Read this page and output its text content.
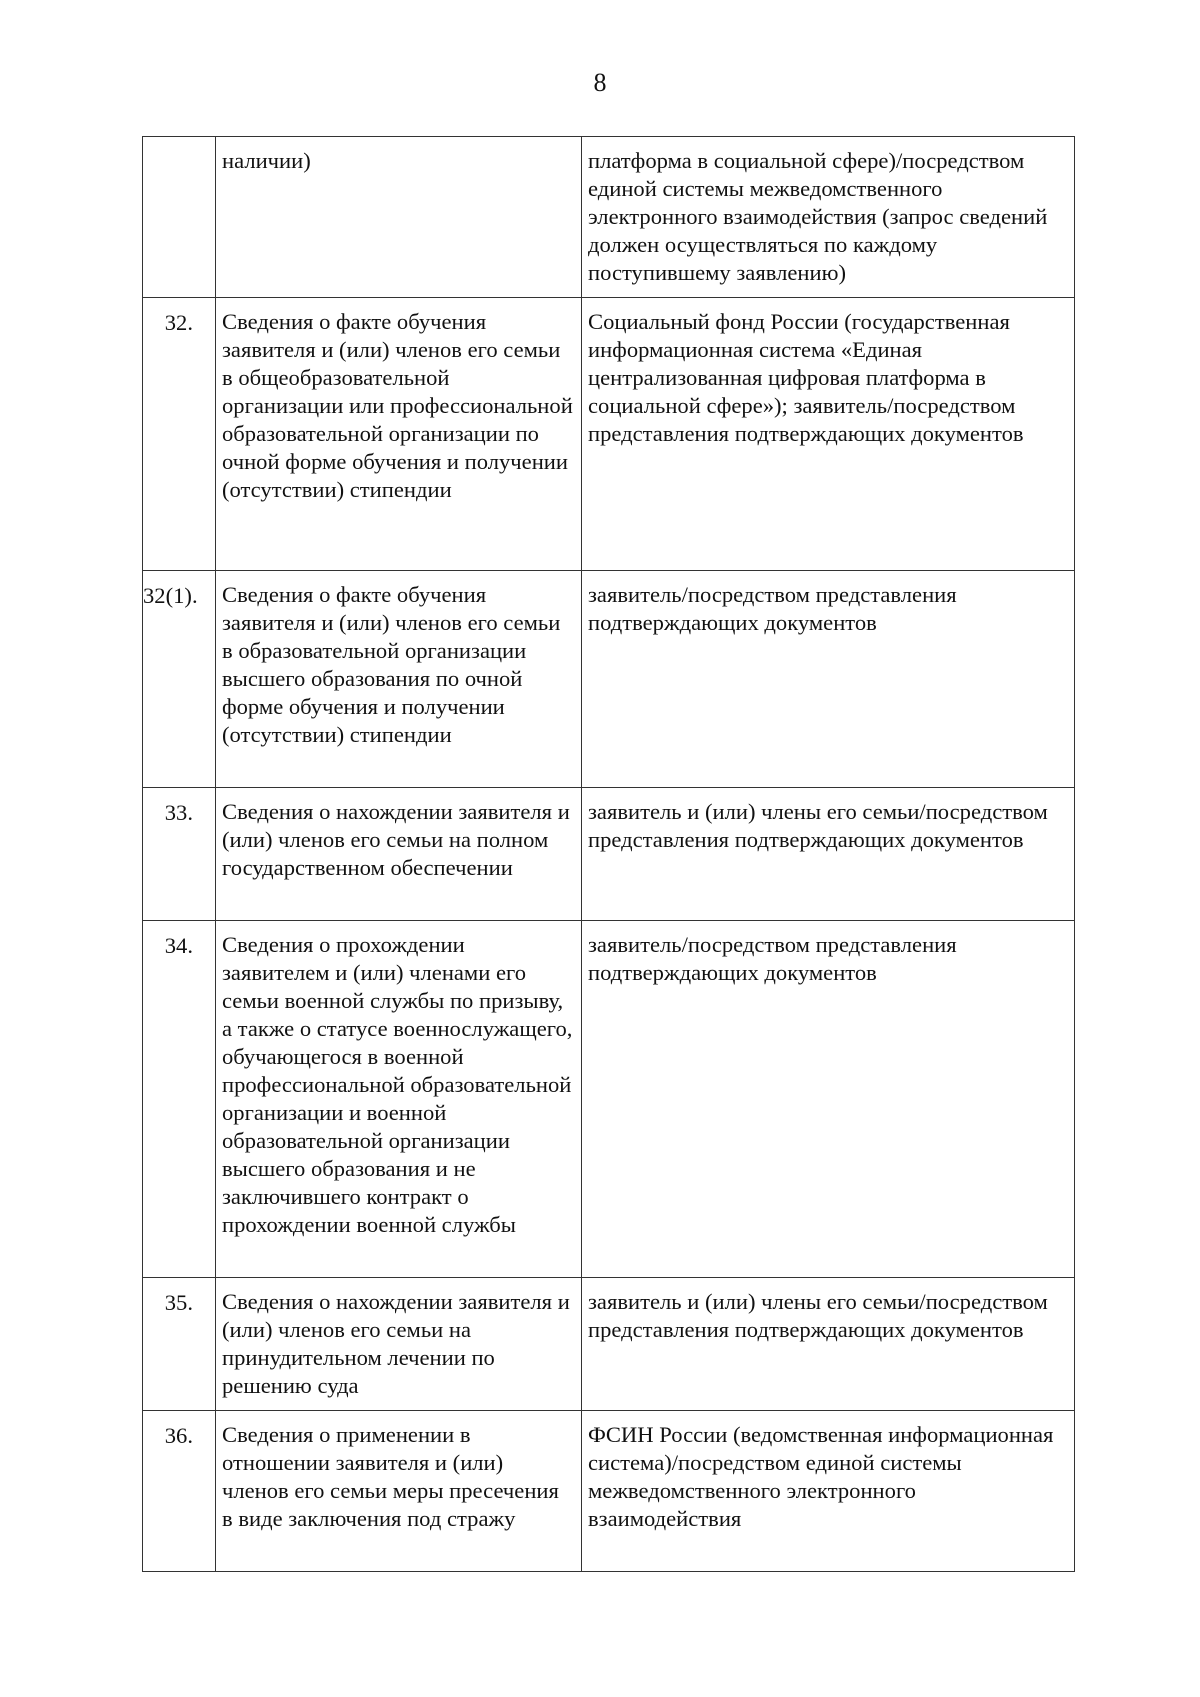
8

	наличии)	платформа в социальной сфере)/посредством единой системы межведомственного электронного взаимодействия (запрос сведений должен осуществляться по каждому поступившему заявлению)

32.	Сведения о факте обучения заявителя и (или) членов его семьи в общеобразовательной организации или профессиональной образовательной организации по очной форме обучения и получении (отсутствии) стипендии	Социальный фонд России (государственная информационная система «Единая централизованная цифровая платформа в социальной сфере»); заявитель/посредством представления подтверждающих документов

32(1).	Сведения о факте обучения заявителя и (или) членов его семьи в образовательной организации высшего образования по очной форме обучения и получении (отсутствии) стипендии	заявитель/посредством представления подтверждающих документов

33.	Сведения о нахождении заявителя и (или) членов его семьи на полном государственном обеспечении	заявитель и (или) члены его семьи/посредством представления подтверждающих документов

34.	Сведения о прохождении заявителем и (или) членами его семьи военной службы по призыву, а также о статусе военнослужащего, обучающегося в военной профессиональной образовательной организации и военной образовательной организации высшего образования и не заключившего контракт о прохождении военной службы	заявитель/посредством представления подтверждающих документов

35.	Сведения о нахождении заявителя и (или) членов его семьи на принудительном лечении по решению суда	заявитель и (или) члены его семьи/посредством представления подтверждающих документов

36.	Сведения о применении в отношении заявителя и (или) членов его семьи меры пресечения в виде заключения под стражу	ФСИН России (ведомственная информационная система)/посредством единой системы межведомственного электронного взаимодействия
